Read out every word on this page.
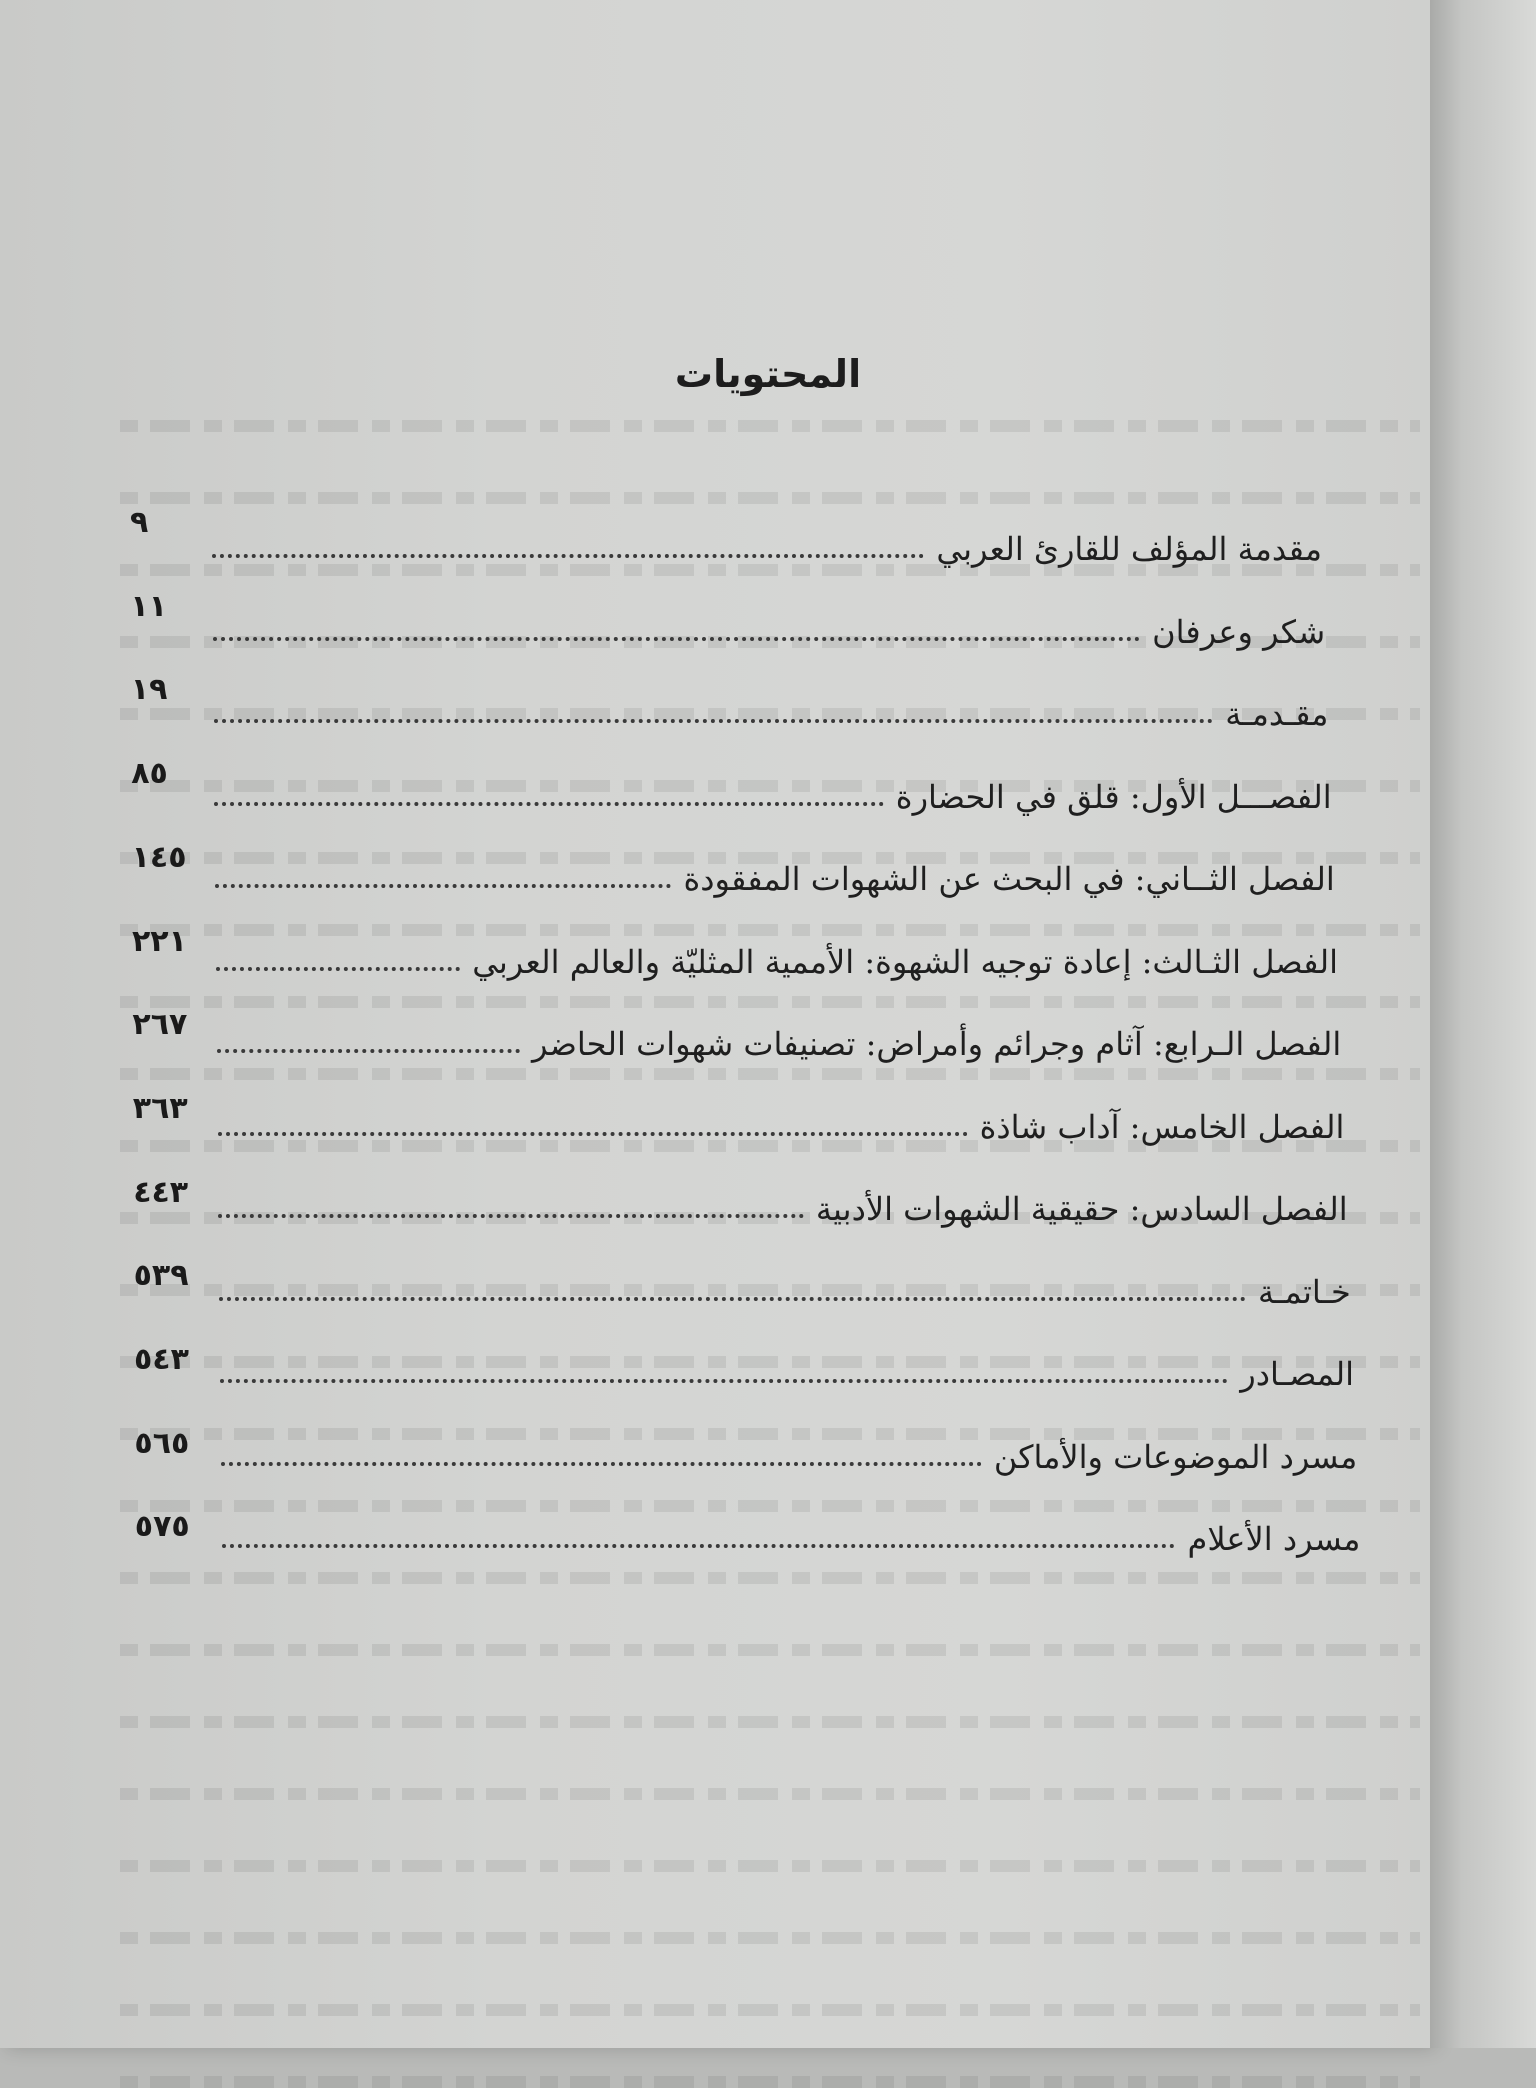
المحتويات
مقدمة المؤلف للقارئ العربي
٩
شكر وعرفان
١١
مقـدمـة
١٩
الفصـــل الأول: قلق في الحضارة
٨٥
الفصل الثــاني: في البحث عن الشهوات المفقودة
١٤٥
الفصل الثـالث: إعادة توجيه الشهوة: الأممية المثليّة والعالم العربي
٢٢١
الفصل الـرابع: آثام وجرائم وأمراض: تصنيفات شهوات الحاضر
٢٦٧
الفصل الخامس: آداب شاذة
٣٦٣
الفصل السادس: حقيقية الشهوات الأدبية
٤٤٣
خـاتمـة
٥٣٩
المصـادر
٥٤٣
مسرد الموضوعات والأماكن
٥٦٥
مسرد الأعلام
٥٧٥
